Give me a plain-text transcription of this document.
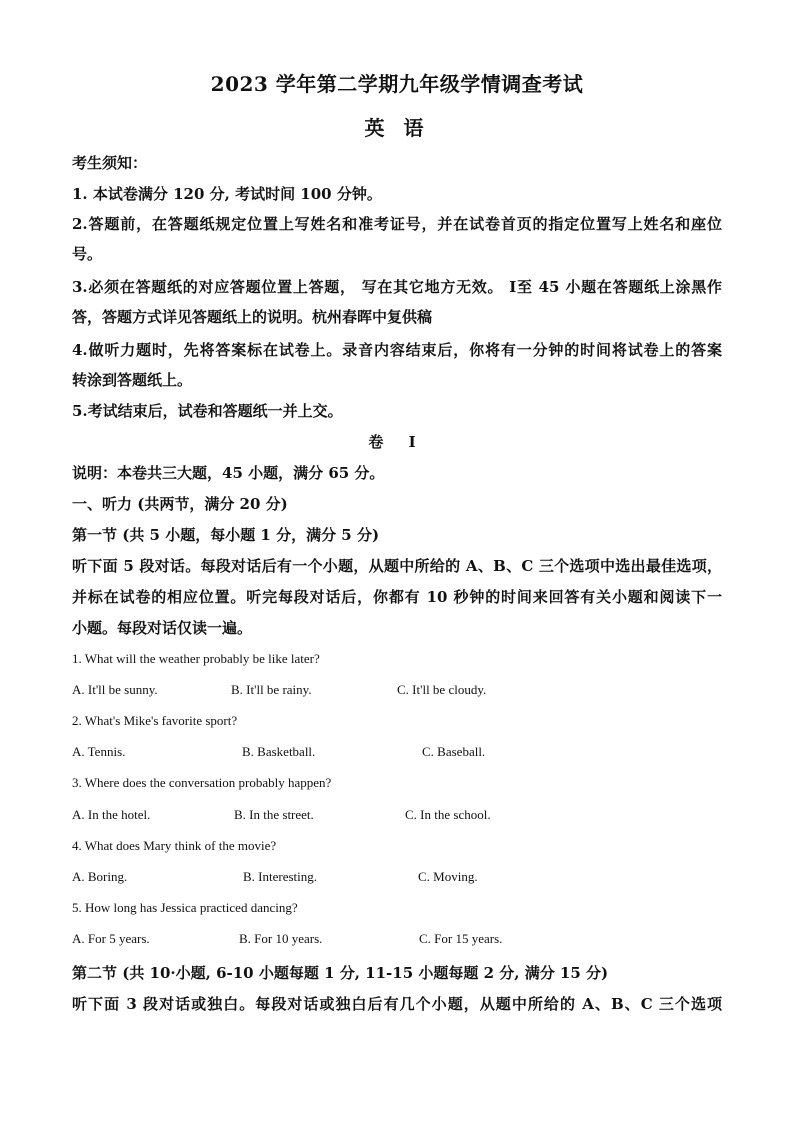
2023 学年第二学期九年级学情调查考试
英 语
考生须知：
1. 本试卷满分 120 分, 考试时间 100 分钟。
2.答题前，在答题纸规定位置上写姓名和准考证号，并在试卷首页的指定位置写上姓名和座位
号。
3.必须在答题纸的对应答题位置上答题， 写在其它地方无效。 Ⅰ至 45 小题在答题纸上涂黑作
答，答题方式详见答题纸上的说明。杭州春晖中复供稿
4.做听力题时，先将答案标在试卷上。录音内容结束后，你将有一分钟的时间将试卷上的答案
转涂到答题纸上。
5.考试结束后，试卷和答题纸一并上交。
卷 Ⅰ
说明：本卷共三大题，45 小题，满分 65 分。
一、听力 (共两节，满分 20 分)
第一节 (共 5 小题，每小题 1 分，满分 5 分)
听下面 5 段对话。每段对话后有一个小题，从题中所给的 A、B、C 三个选项中选出最佳选项，
并标在试卷的相应位置。听完每段对话后，你都有 10 秒钟的时间来回答有关小题和阅读下一
小题。每段对话仅读一遍。
1. What will the weather probably be like later?
A. It'll be sunny.	B. It'll be rainy.	C. It'll be cloudy.
2. What's Mike's favorite sport?
A. Tennis.	B. Basketball.	C. Baseball.
3. Where does the conversation probably happen?
A. In the hotel.	B. In the street.	C. In the school.
4. What does Mary think of the movie?
A. Boring.	B. Interesting.	C. Moving.
5. How long has Jessica practiced dancing?
A. For 5 years.	B. For 10 years.	C. For 15 years.
第二节 (共 10·小题, 6-10 小题每题 1 分, 11-15 小题每题 2 分, 满分 15 分)
听下面 3 段对话或独白。每段对话或独白后有几个小题，从题中所给的 A、B、C 三个选项
